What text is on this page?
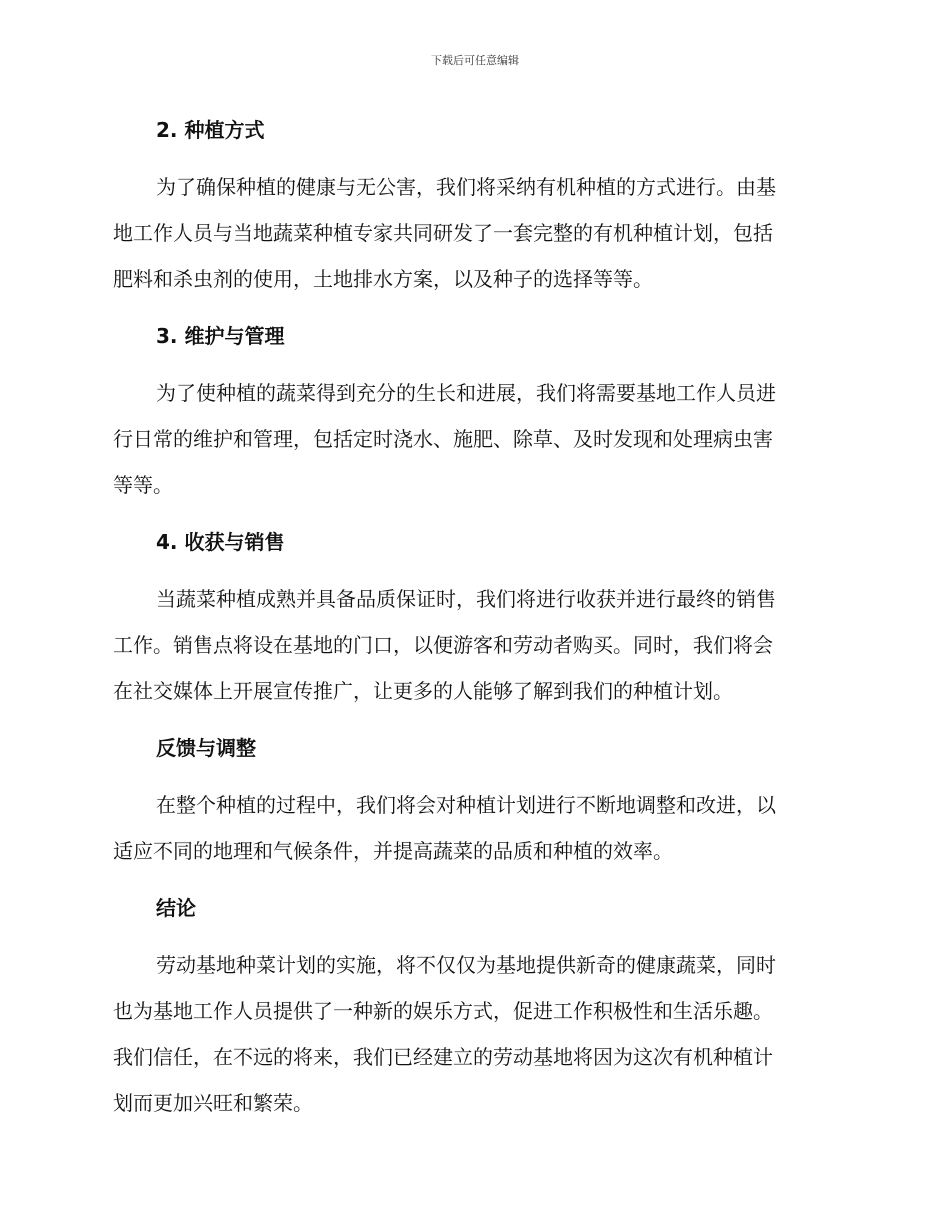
下载后可任意编辑
2. 种植方式

为了确保种植的健康与无公害，我们将采纳有机种植的方式进行。由基
地工作人员与当地蔬菜种植专家共同研发了一套完整的有机种植计划，包括
肥料和杀虫剂的使用，土地排水方案，以及种子的选择等等。

3. 维护与管理

为了使种植的蔬菜得到充分的生长和进展，我们将需要基地工作人员进
行日常的维护和管理，包括定时浇水、施肥、除草、及时发现和处理病虫害
等等。

4. 收获与销售

当蔬菜种植成熟并具备品质保证时，我们将进行收获并进行最终的销售
工作。销售点将设在基地的门口，以便游客和劳动者购买。同时，我们将会
在社交媒体上开展宣传推广，让更多的人能够了解到我们的种植计划。

反馈与调整

在整个种植的过程中，我们将会对种植计划进行不断地调整和改进，以
适应不同的地理和气候条件，并提高蔬菜的品质和种植的效率。

结论

劳动基地种菜计划的实施，将不仅仅为基地提供新奇的健康蔬菜，同时
也为基地工作人员提供了一种新的娱乐方式，促进工作积极性和生活乐趣。
我们信任，在不远的将来，我们已经建立的劳动基地将因为这次有机种植计
划而更加兴旺和繁荣。
